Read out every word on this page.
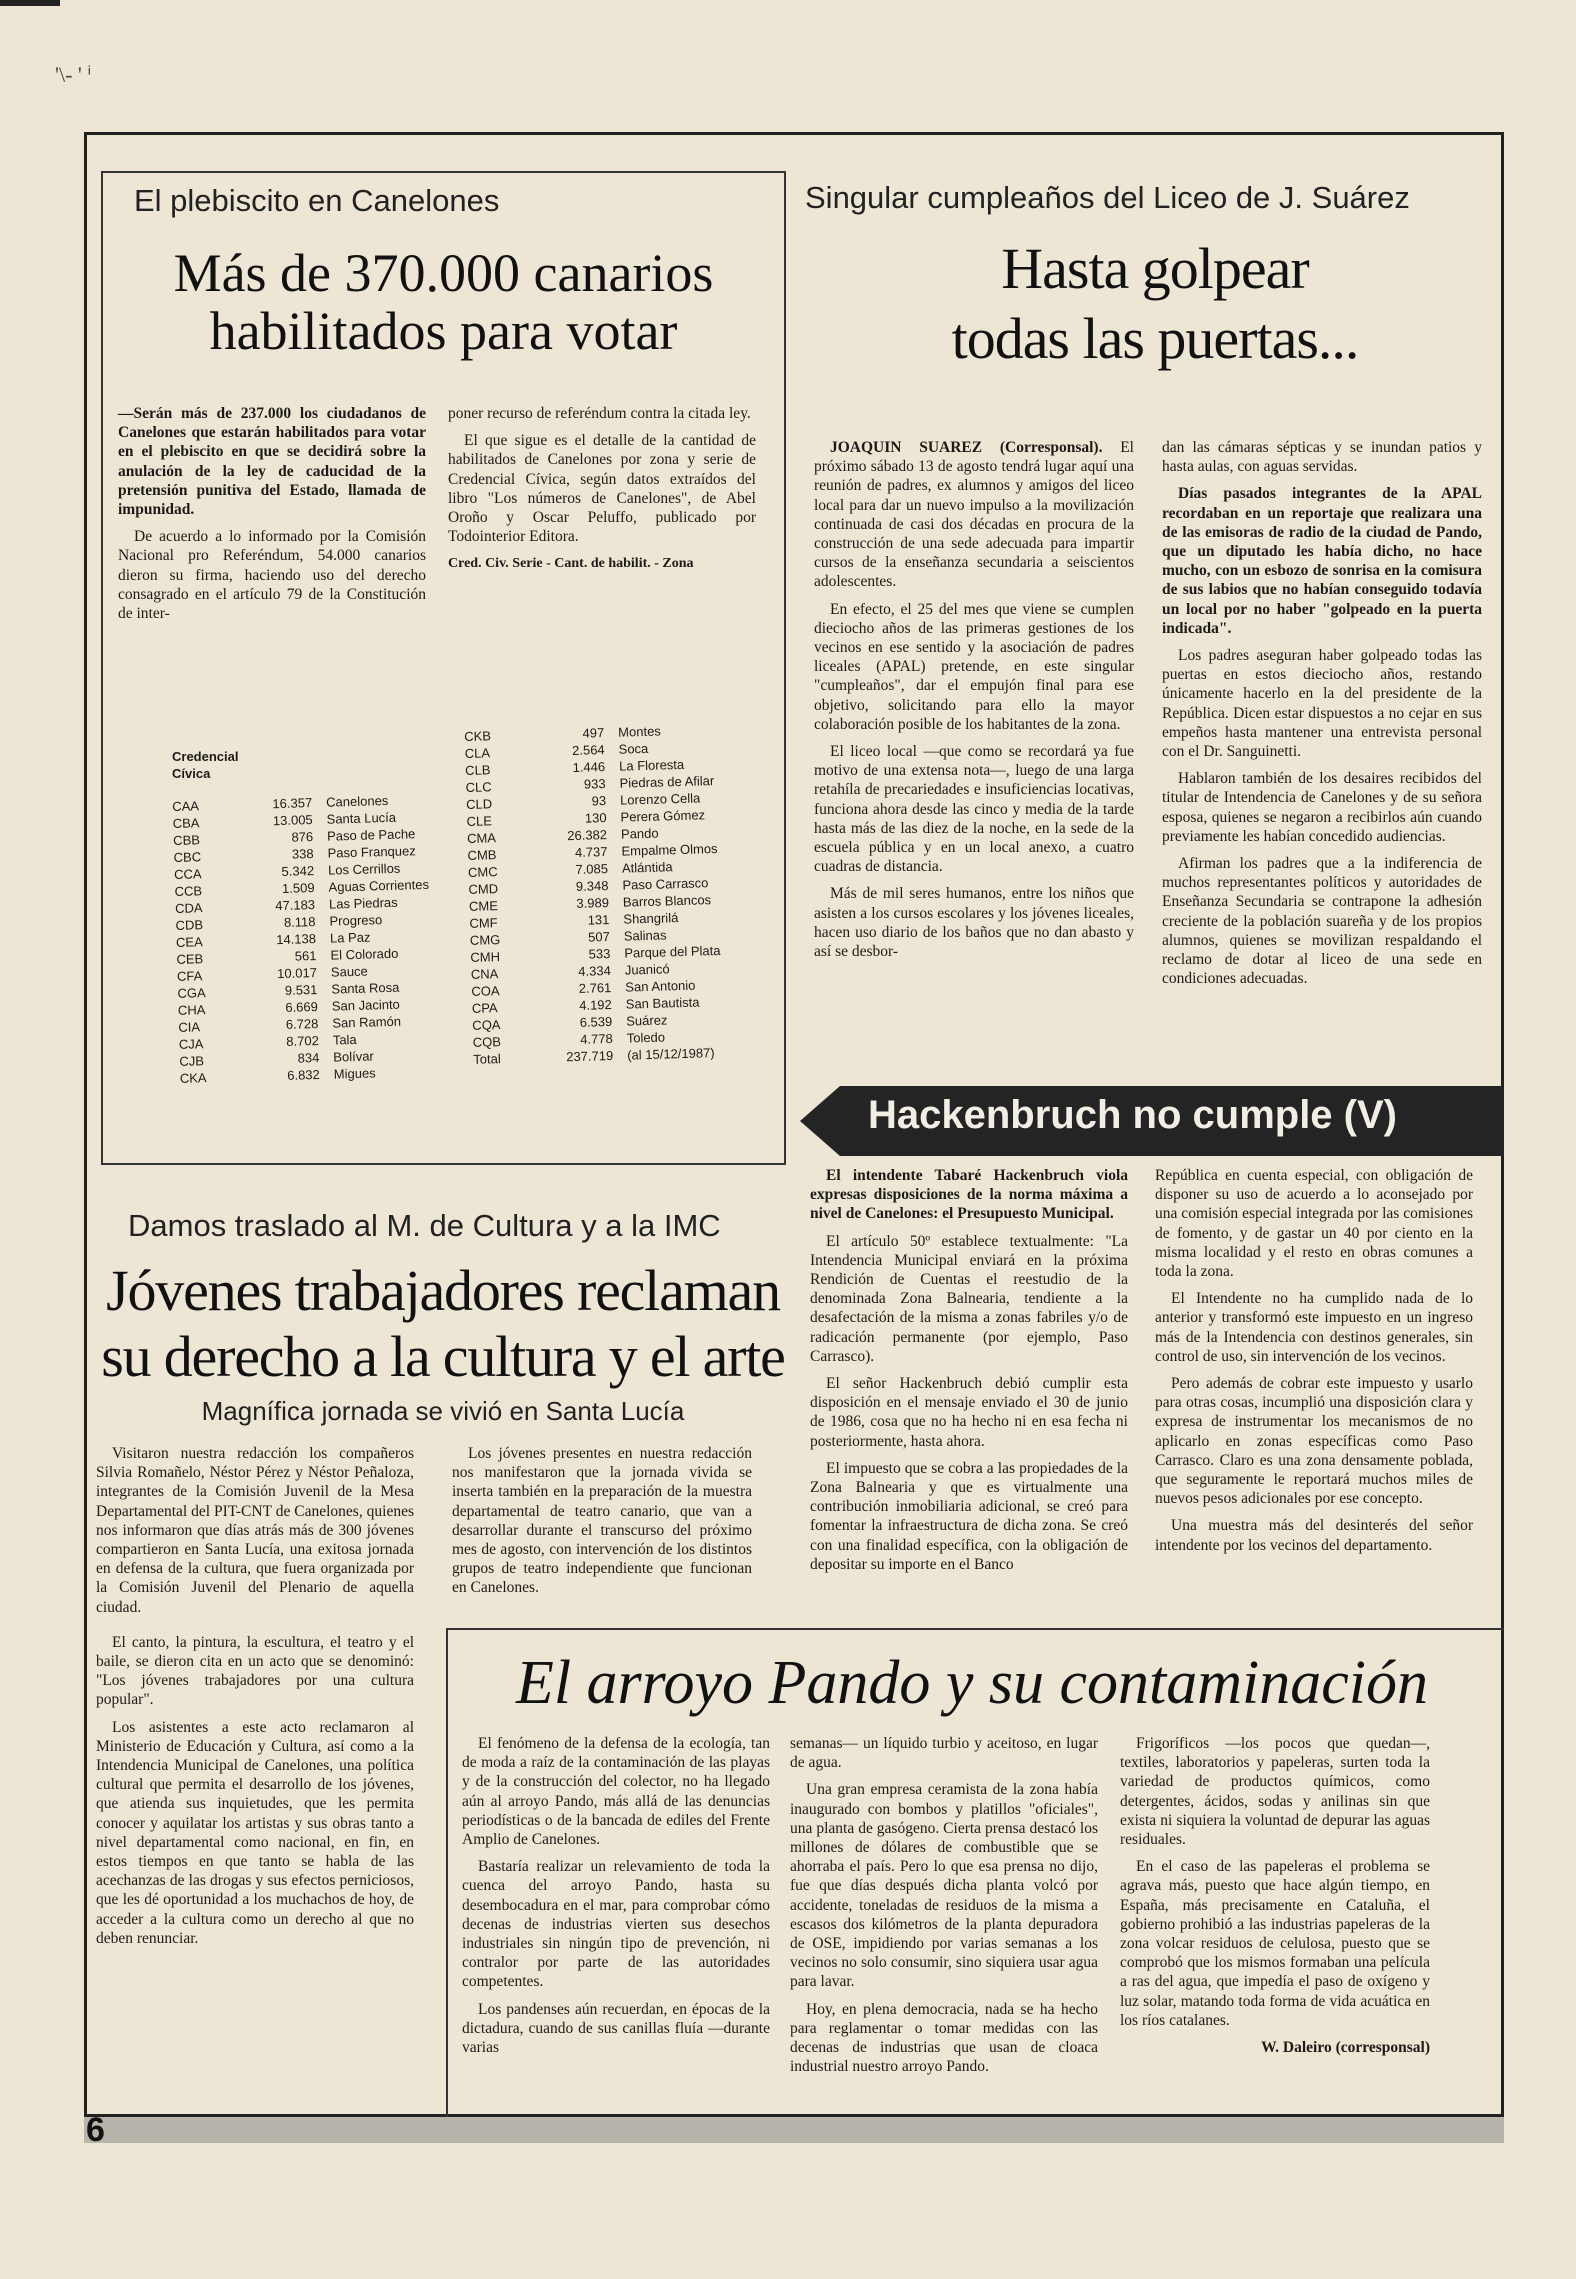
'\- ' ⁱ
El plebiscito en Canelones
Más de 370.000 canarios
habilitados para votar

—Serán más de 237.000 los ciudadanos de Canelones que estarán habilitados para votar en el plebiscito en que se decidirá sobre la anulación de la ley de caducidad de la pretensión punitiva del Estado, llamada de impunidad.

De acuerdo a lo informado por la Comisión Nacional pro Referéndum, 54.000 canarios dieron su firma, haciendo uso del derecho consagrado en el artículo 79 de la Constitución de inter-

poner recurso de referéndum contra la citada ley.

El que sigue es el detalle de la cantidad de habilitados de Canelones por zona y serie de Credencial Cívica, según datos extraídos del libro "Los números de Canelones", de Abel Oroño y Oscar Peluffo, publicado por Todointerior Editora.

Cred. Civ. Serie - Cant. de habilit. - Zona

Credencial
Cívica
CAA	16.357 Canelones
CBA	13.005 Santa Lucía
CBB	876 Paso de Pache
CBC	338 Paso Franquez
CCA	5.342 Los Cerrillos
CCB	1.509 Aguas Corrientes
CDA	47.183 Las Piedras
CDB	8.118 Progreso
CEA	14.138 La Paz
CEB	561 El Colorado
CFA	10.017 Sauce
CGA	9.531 Santa Rosa
CHA	6.669 San Jacinto
CIA	6.728 San Ramón
CJA	8.702 Tala
CJB	834 Bolívar
CKA	6.832 Migues
CKB	497 Montes
CLA	2.564 Soca
CLB	1.446 La Floresta
CLC	933 Piedras de Afilar
CLD	93 Lorenzo Cella
CLE	130 Perera Gómez
CMA	26.382 Pando
CMB	4.737 Empalme Olmos
CMC	7.085 Atlántida
CMD	9.348 Paso Carrasco
CME	3.989 Barros Blancos
CMF	131 Shangrilá
CMG	507 Salinas
CMH	533 Parque del Plata
CNA	4.334 Juanicó
COA	2.761 San Antonio
CPA	4.192 San Bautista
CQA	6.539 Suárez
CQB	4.778 Toledo
Total	237.719 (al 15/12/1987)
Singular cumpleaños del Liceo de J. Suárez
Hasta golpear
todas las puertas...

JOAQUIN SUAREZ (Corresponsal). El próximo sábado 13 de agosto tendrá lugar aquí una reunión de padres, ex alumnos y amigos del liceo local para dar un nuevo impulso a la movilización continuada de casi dos décadas en procura de la construcción de una sede adecuada para impartir cursos de la enseñanza secundaria a seiscientos adolescentes.

En efecto, el 25 del mes que viene se cumplen dieciocho años de las primeras gestiones de los vecinos en ese sentido y la asociación de padres liceales (APAL) pretende, en este singular "cumpleaños", dar el empujón final para ese objetivo, solicitando para ello la mayor colaboración posible de los habitantes de la zona.

El liceo local —que como se recordará ya fue motivo de una extensa nota—, luego de una larga retahíla de precariedades e insuficiencias locativas, funciona ahora desde las cinco y media de la tarde hasta más de las diez de la noche, en la sede de la escuela pública y en un local anexo, a cuatro cuadras de distancia.

Más de mil seres humanos, entre los niños que asisten a los cursos escolares y los jóvenes liceales, hacen uso diario de los baños que no dan abasto y así se desbor-

dan las cámaras sépticas y se inundan patios y hasta aulas, con aguas servidas.

Días pasados integrantes de la APAL recordaban en un reportaje que realizara una de las emisoras de radio de la ciudad de Pando, que un diputado les había dicho, no hace mucho, con un esbozo de sonrisa en la comisura de sus labios que no habían conseguido todavía un local por no haber "golpeado en la puerta indicada".

Los padres aseguran haber golpeado todas las puertas en estos dieciocho años, restando únicamente hacerlo en la del presidente de la República. Dicen estar dispuestos a no cejar en sus empeños hasta mantener una entrevista personal con el Dr. Sanguinetti.

Hablaron también de los desaires recibidos del titular de Intendencia de Canelones y de su señora esposa, quienes se negaron a recibirlos aún cuando previamente les habían concedido audiencias.

Afirman los padres que a la indiferencia de muchos representantes políticos y autoridades de Enseñanza Secundaria se contrapone la adhesión creciente de la población suareña y de los propios alumnos, quienes se movilizan respaldando el reclamo de dotar al liceo de una sede en condiciones adecuadas.

Hackenbruch no cumple (V)

El intendente Tabaré Hackenbruch viola expresas disposiciones de la norma máxima a nivel de Canelones: el Presupuesto Municipal.

El artículo 50º establece textualmente: "La Intendencia Municipal enviará en la próxima Rendición de Cuentas el reestudio de la denominada Zona Balnearia, tendiente a la desafectación de la misma a zonas fabriles y/o de radicación permanente (por ejemplo, Paso Carrasco).

El señor Hackenbruch debió cumplir esta disposición en el mensaje enviado el 30 de junio de 1986, cosa que no ha hecho ni en esa fecha ni posteriormente, hasta ahora.

El impuesto que se cobra a las propiedades de la Zona Balnearia y que es virtualmente una contribución inmobiliaria adicional, se creó para fomentar la infraestructura de dicha zona. Se creó con una finalidad específica, con la obligación de depositar su importe en el Banco

República en cuenta especial, con obligación de disponer su uso de acuerdo a lo aconsejado por una comisión especial integrada por las comisiones de fomento, y de gastar un 40 por ciento en la misma localidad y el resto en obras comunes a toda la zona.

El Intendente no ha cumplido nada de lo anterior y transformó este impuesto en un ingreso más de la Intendencia con destinos generales, sin control de uso, sin intervención de los vecinos.

Pero además de cobrar este impuesto y usarlo para otras cosas, incumplió una disposición clara y expresa de instrumentar los mecanismos de no aplicarlo en zonas específicas como Paso Carrasco. Claro es una zona densamente poblada, que seguramente le reportará muchos miles de nuevos pesos adicionales por ese concepto.

Una muestra más del desinterés del señor intendente por los vecinos del departamento.

Damos traslado al M. de Cultura y a la IMC
Jóvenes trabajadores reclaman
su derecho a la cultura y el arte
Magnífica jornada se vivió en Santa Lucía

Visitaron nuestra redacción los compañeros Silvia Romañelo, Néstor Pérez y Néstor Peñaloza, integrantes de la Comisión Juvenil de la Mesa Departamental del PIT-CNT de Canelones, quienes nos informaron que días atrás más de 300 jóvenes compartieron en Santa Lucía, una exitosa jornada en defensa de la cultura, que fuera organizada por la Comisión Juvenil del Plenario de aquella ciudad.

El canto, la pintura, la escultura, el teatro y el baile, se dieron cita en un acto que se denominó: "Los jóvenes trabajadores por una cultura popular".

Los asistentes a este acto reclamaron al Ministerio de Educación y Cultura, así como a la Intendencia Municipal de Canelones, una política cultural que permita el desarrollo de los jóvenes, que atienda sus inquietudes, que les permita conocer y aquilatar los artistas y sus obras tanto a nivel departamental como nacional, en fin, en estos tiempos en que tanto se habla de las acechanzas de las drogas y sus efectos perniciosos, que les dé oportunidad a los muchachos de hoy, de acceder a la cultura como un derecho al que no deben renunciar.

Los jóvenes presentes en nuestra redacción nos manifestaron que la jornada vivida se inserta también en la preparación de la muestra departamental de teatro canario, que van a desarrollar durante el transcurso del próximo mes de agosto, con intervención de los distintos grupos de teatro independiente que funcionan en Canelones.

El arroyo Pando y su contaminación

El fenómeno de la defensa de la ecología, tan de moda a raíz de la contaminación de las playas y de la construcción del colector, no ha llegado aún al arroyo Pando, más allá de las denuncias periodísticas o de la bancada de ediles del Frente Amplio de Canelones.

Bastaría realizar un relevamiento de toda la cuenca del arroyo Pando, hasta su desembocadura en el mar, para comprobar cómo decenas de industrias vierten sus desechos industriales sin ningún tipo de prevención, ni contralor por parte de las autoridades competentes.

Los pandenses aún recuerdan, en épocas de la dictadura, cuando de sus canillas fluía —durante varias

semanas— un líquido turbio y aceitoso, en lugar de agua.

Una gran empresa ceramista de la zona había inaugurado con bombos y platillos "oficiales", una planta de gasógeno. Cierta prensa destacó los millones de dólares de combustible que se ahorraba el país. Pero lo que esa prensa no dijo, fue que días después dicha planta volcó por accidente, toneladas de residuos de la misma a escasos dos kilómetros de la planta depuradora de OSE, impidiendo por varias semanas a los vecinos no solo consumir, sino siquiera usar agua para lavar.

Hoy, en plena democracia, nada se ha hecho para reglamentar o tomar medidas con las decenas de industrias que usan de cloaca industrial nuestro arroyo Pando.

Frigoríficos —los pocos que quedan—, textiles, laboratorios y papeleras, surten toda la variedad de productos químicos, como detergentes, ácidos, sodas y anilinas sin que exista ni siquiera la voluntad de depurar las aguas residuales.

En el caso de las papeleras el problema se agrava más, puesto que hace algún tiempo, en España, más precisamente en Cataluña, el gobierno prohibió a las industrias papeleras de la zona volcar residuos de celulosa, puesto que se comprobó que los mismos formaban una película a ras del agua, que impedía el paso de oxígeno y luz solar, matando toda forma de vida acuática en los ríos catalanes.

W. Daleiro (corresponsal)

6
